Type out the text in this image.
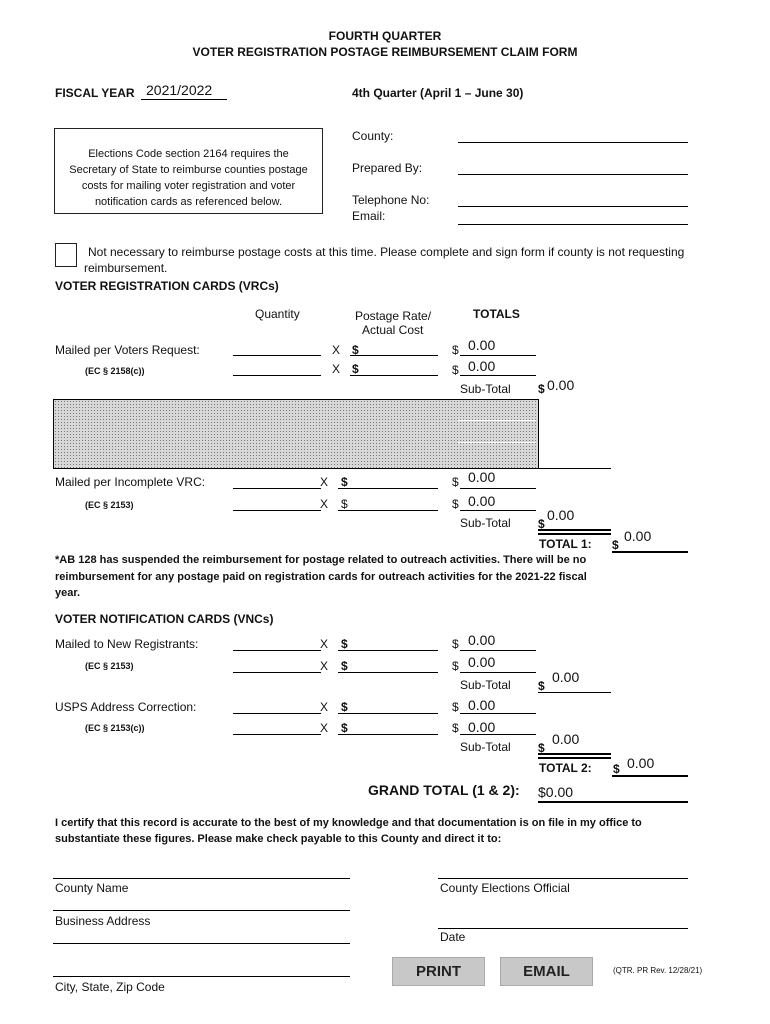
FOURTH QUARTER
VOTER REGISTRATION POSTAGE REIMBURSEMENT CLAIM FORM
FISCAL YEAR 2021/2022	4th Quarter (April 1 – June 30)
Elections Code section 2164 requires the
Secretary of State to reimburse counties postage
costs for mailing voter registration and voter
notification cards as referenced below.
County:
Prepared By:
Telephone No:
Email:
Not necessary to reimburse postage costs at this time. Please complete and sign form if county is not requesting
reimbursement.
VOTER REGISTRATION CARDS (VRCs)
Quantity	Postage Rate/
Actual Cost
TOTALS
Mailed per Voters Request:	X $	$ 0.00
(EC § 2158(c))	X $	$ 0.00
Sub-Total $ 0.00
Mailed per Incomplete VRC:	X $	$ 0.00
(EC § 2153)	X $	$ 0.00
Sub-Total $
0.00
TOTAL 1: $
0.00
*AB 128 has suspended the reimbursement for postage related to outreach activities. There will be no
reimbursement for any postage paid on registration cards for outreach activities for the 2021-22 fiscal
year.
VOTER NOTIFICATION CARDS (VNCs)
Mailed to New Registrants:	X $	$ 0.00
(EC § 2153)	X $	$ 0.00
Sub-Total $
0.00
USPS Address Correction:	X $	$ 0.00
(EC § 2153(c))	X $	$ 0.00
Sub-Total $
0.00
TOTAL 2: $ 0.00
GRAND TOTAL (1 & 2): $0.00
I certify that this record is accurate to the best of my knowledge and that documentation is on file in my office to
substantiate these figures. Please make check payable to this County and direct it to:
County Name	County Elections Official
Business Address
Date
City, State, Zip Code
PRINT	EMAIL	(QTR. PR Rev. 12/28/21)
